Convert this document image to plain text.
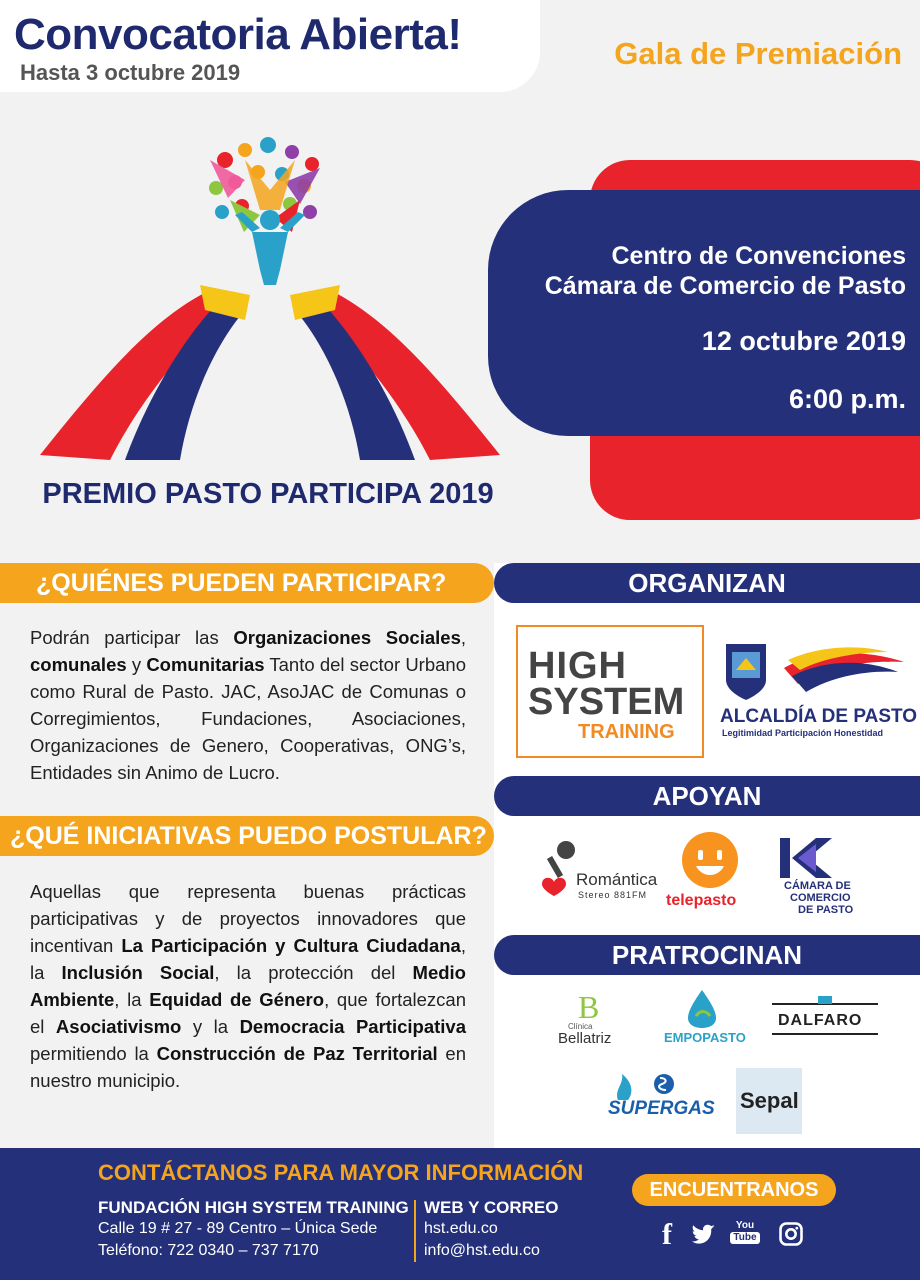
Convocatoria Abierta!
Hasta 3 octubre 2019
Gala de Premiación
PREMIO PASTO PARTICIPA 2019
Centro de Convenciones
Cámara de Comercio de Pasto
12 octubre 2019
6:00 p.m.
¿QUIÉNES PUEDEN PARTICIPAR?
Podrán participar las Organizaciones Sociales, comunales y Comunitarias Tanto del sector Urbano como Rural de Pasto. JAC, AsoJAC de Comunas o Corregimientos, Fundaciones, Asociaciones, Organizaciones de Genero, Cooperativas, ONG’s, Entidades sin Animo de Lucro.
¿QUÉ INICIATIVAS PUEDO POSTULAR?
Aquellas que representa buenas prácticas participativas y de proyectos innovadores que incentivan La Participación y Cultura Ciudadana, la Inclusión Social, la protección del Medio Ambiente, la Equidad de Género, que fortalezcan el Asociativismo y la Democracia Participativa permitiendo la Construcción de Paz Territorial en nuestro municipio.
ORGANIZAN
HIGH
SYSTEM
TRAINING
ALCALDÍA DE PASTO
Legitimidad Participación Honestidad
APOYAN
Romántica
Stereo 881FM telepasto
CÁMARA DE
COMERCIO
DE PASTO
PRATROCINAN
B
Clínica
Bellatriz	EMPOPASTO
DALFARO
SUPERGAS Sepal
CONTÁCTANOS PARA MAYOR INFORMACIÓN
FUNDACIÓN HIGH SYSTEM TRAINING
Calle 19 # 27 - 89 Centro – Única Sede
Teléfono: 722 0340 – 737 7170
WEB Y CORREO
hst.edu.co
info@hst.edu.co
ENCUENTRANOS
f	You
Tube
